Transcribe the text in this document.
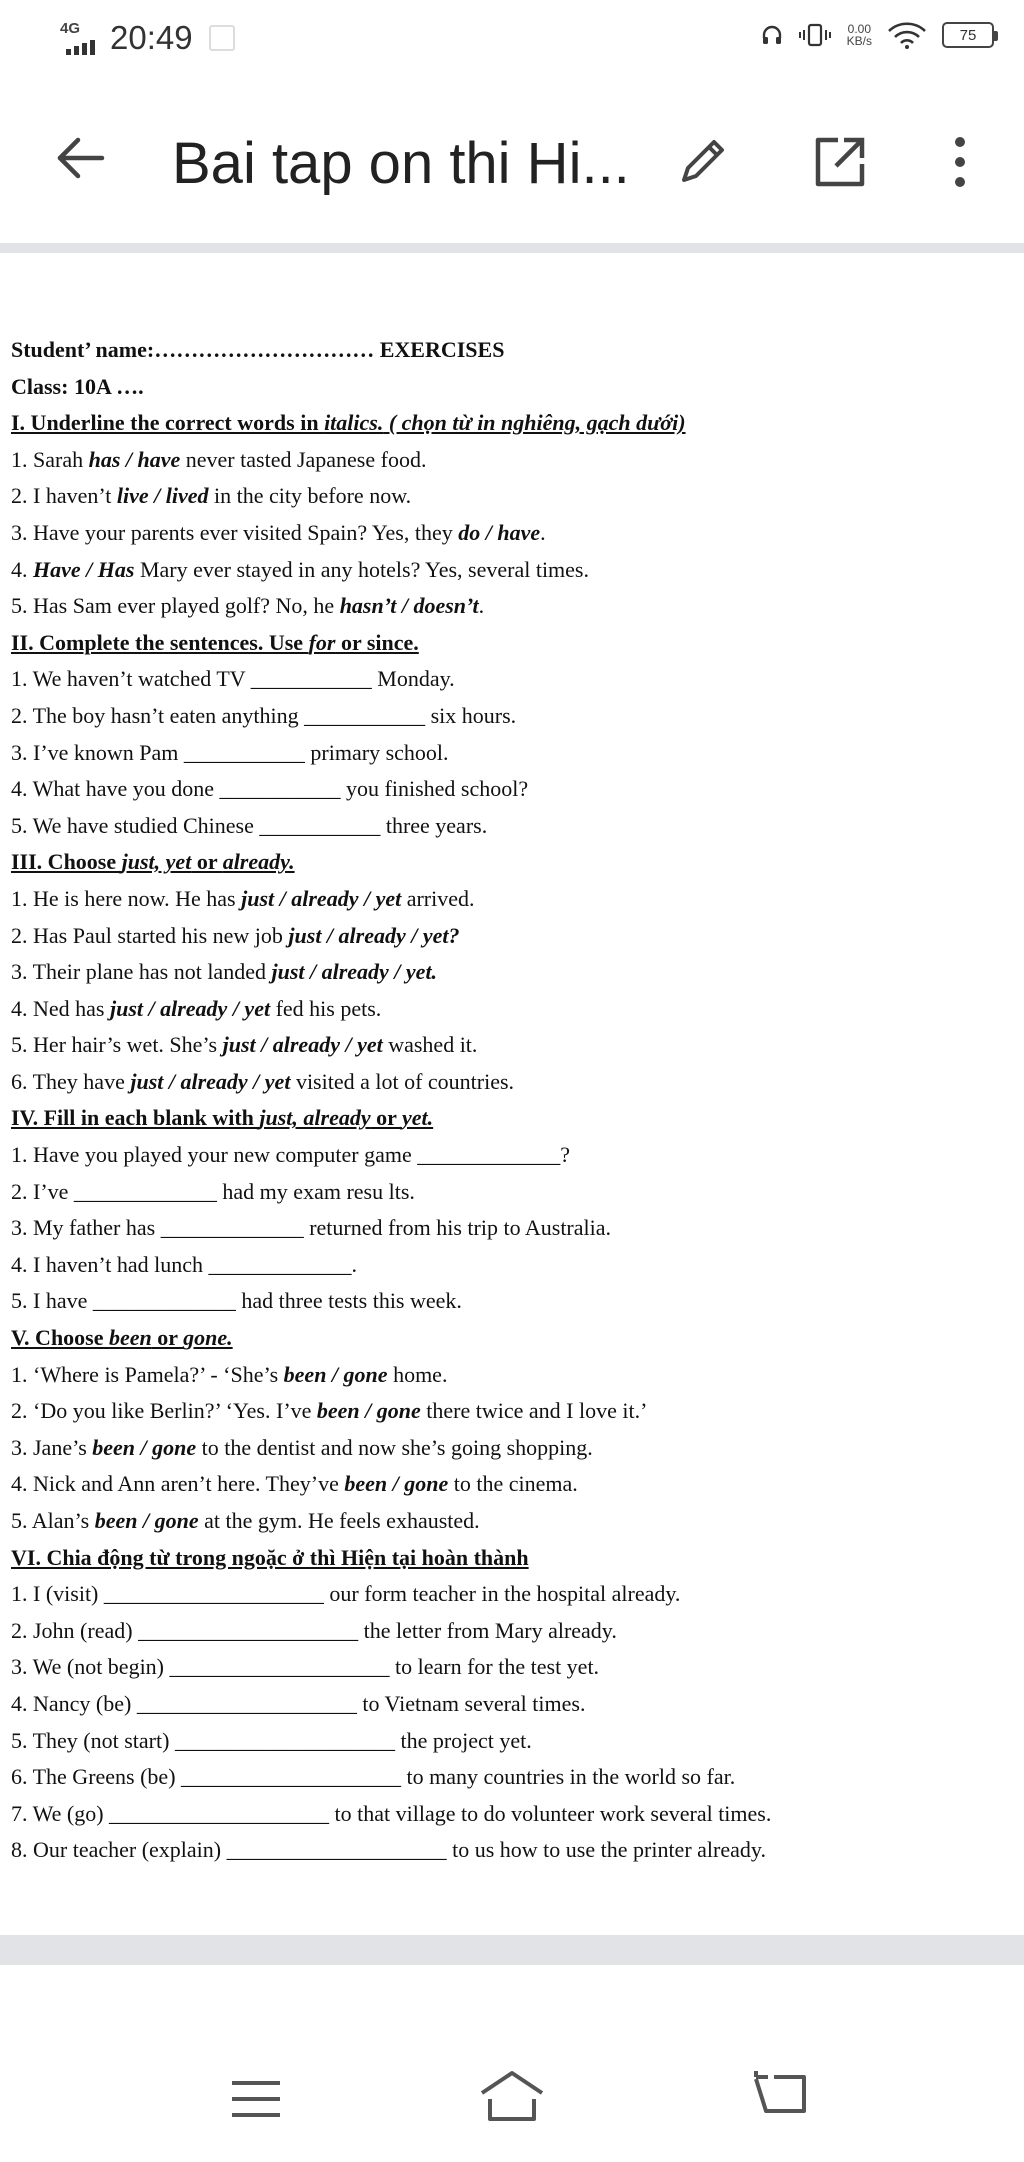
4G 20:49	0.00
KB/s	75
Bai tap on thi Hi...
Student’ name:………………………… EXERCISES
Class: 10A ….
I. Underline the correct words in italics. ( chọn từ in nghiêng, gạch dưới)
1. Sarah has / have never tasted Japanese food.
2. I haven’t live / lived in the city before now.
3. Have your parents ever visited Spain? Yes, they do / have.
4. Have / Has Mary ever stayed in any hotels? Yes, several times.
5. Has Sam ever played golf? No, he hasn’t / doesn’t.
II. Complete the sentences. Use for or since.
1. We haven’t watched TV ___________ Monday.
2. The boy hasn’t eaten anything ___________ six hours.
3. I’ve known Pam ___________ primary school.
4. What have you done ___________ you finished school?
5. We have studied Chinese ___________ three years.
III. Choose just, yet or already.
1. He is here now. He has just / already / yet arrived.
2. Has Paul started his new job just / already / yet?
3. Their plane has not landed just / already / yet.
4. Ned has just / already / yet fed his pets.
5. Her hair’s wet. She’s just / already / yet washed it.
6. They have just / already / yet visited a lot of countries.
IV. Fill in each blank with just, already or yet.
1. Have you played your new computer game _____________?
2. I’ve _____________ had my exam resu lts.
3. My father has _____________ returned from his trip to Australia.
4. I haven’t had lunch _____________.
5. I have _____________ had three tests this week.
V. Choose been or gone.
1. ‘Where is Pamela?’ - ‘She’s been / gone home.
2. ‘Do you like Berlin?’ ‘Yes. I’ve been / gone there twice and I love it.’
3. Jane’s been / gone to the dentist and now she’s going shopping.
4. Nick and Ann aren’t here. They’ve been / gone to the cinema.
5. Alan’s been / gone at the gym. He feels exhausted.
VI. Chia động từ trong ngoặc ở thì Hiện tại hoàn thành
1. I (visit) ____________________ our form teacher in the hospital already.
2. John (read) ____________________ the letter from Mary already.
3. We (not begin) ____________________ to learn for the test yet.
4. Nancy (be) ____________________ to Vietnam several times.
5. They (not start) ____________________ the project yet.
6. The Greens (be) ____________________ to many countries in the world so far.
7. We (go) ____________________ to that village to do volunteer work several times.
8. Our teacher (explain) ____________________ to us how to use the printer already.
